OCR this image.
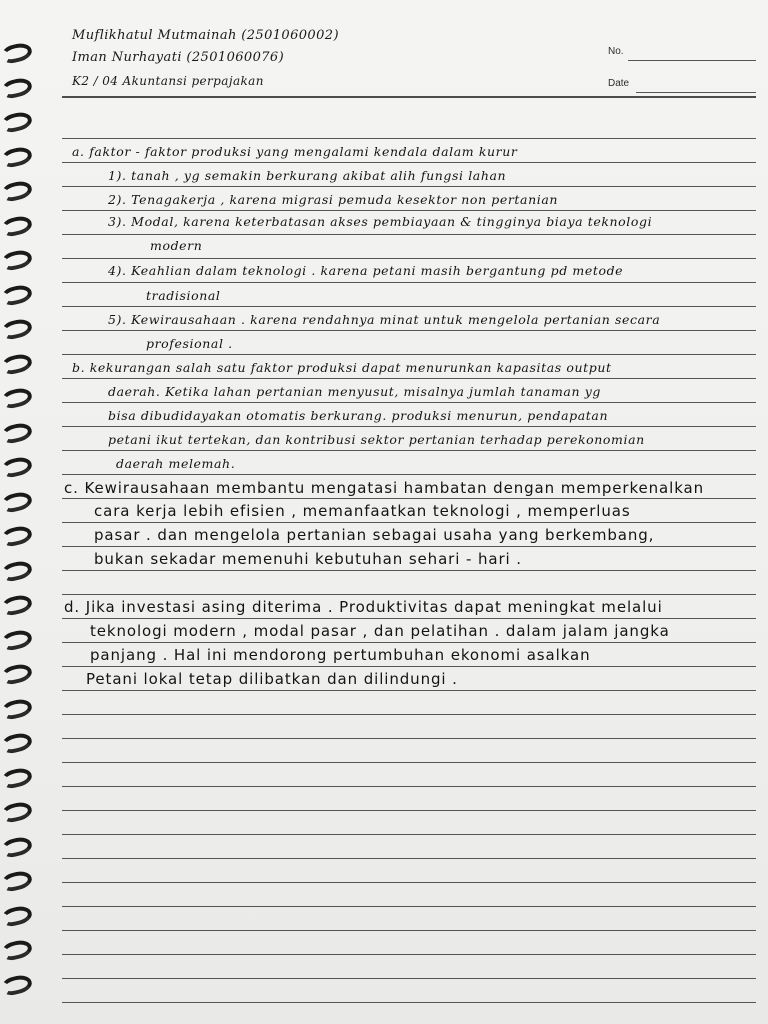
Muflikhatul Mutmainah (2501060002)
Iman Nurhayati (2501060076)
K2 / 04 Akuntansi perpajakan
No.
Date
a. faktor - faktor produksi yang mengalami kendala dalam kurur
1). tanah , yg semakin berkurang akibat alih fungsi lahan
2). Tenagakerja , karena migrasi pemuda kesektor non pertanian
3). Modal, karena keterbatasan akses pembiayaan & tingginya biaya teknologi
modern
4). Keahlian dalam teknologi . karena petani masih bergantung pd metode
tradisional
5). Kewirausahaan . karena rendahnya minat untuk mengelola pertanian secara
profesional .
b. kekurangan salah satu faktor produksi dapat menurunkan kapasitas output
daerah. Ketika lahan pertanian menyusut, misalnya jumlah tanaman yg
bisa dibudidayakan otomatis berkurang. produksi menurun, pendapatan
petani ikut tertekan, dan kontribusi sektor pertanian terhadap perekonomian
daerah melemah.
c. Kewirausahaan membantu mengatasi hambatan dengan memperkenalkan
cara kerja lebih efisien , memanfaatkan teknologi , memperluas
pasar . dan mengelola pertanian sebagai usaha yang berkembang,
bukan sekadar memenuhi kebutuhan sehari - hari .
d. Jika investasi asing diterima . Produktivitas dapat meningkat melalui
teknologi modern , modal pasar , dan pelatihan . dalam jalam jangka
panjang . Hal ini mendorong pertumbuhan ekonomi asalkan
Petani lokal tetap dilibatkan dan dilindungi .
